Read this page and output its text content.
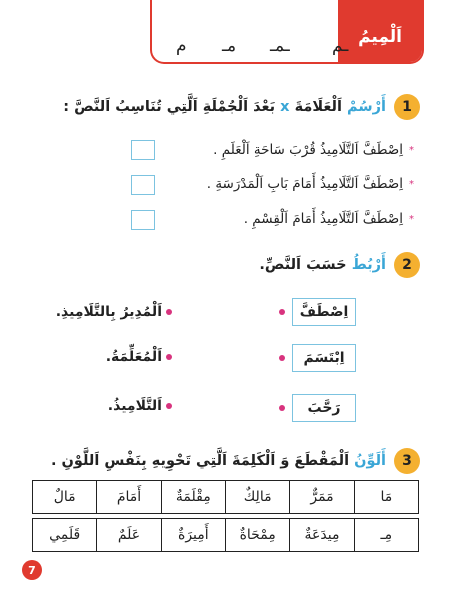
اَلْمِيمُ
ـم
ـمـ
مـ
م
1
أَرْسُمْ اَلْعَلَامَةَ x بَعْدَ اَلْجُمْلَةِ اَلَّتِي تُنَاسِبُ اَلنَّصَّ :
*
اِصْطَفَّ اَلتَّلَامِيذُ قُرْبَ سَاحَةِ اَلْعَلَمِ .
*
اِصْطَفَّ اَلتَّلَامِيذُ أَمَامَ بَابِ اَلْمَدْرَسَةِ .
*
اِصْطَفَّ اَلتَّلَامِيذُ أَمَامَ اَلْقِسْمِ .
2
أَرْبُطُ حَسَبَ اَلنَّصِّ.
اِصْطَفَّ
اَلْمُدِيرُ بِالتَّلَامِيذِ.
اِبْتَسَمَ
اَلْمُعَلِّمَةُ.
رَحَّبَ
اَلتَّلَامِيذُ.
3
أَلَوِّنُ اَلْمَقْطَعَ وَ اَلْكَلِمَةَ اَلَّتِي تَحْوِيهِ بِنَفْسِ اَللَّوْنِ .
مَا
مَمَرٌّ
مَالِكٌ
مِقْلَمَةٌ
أَمَامَ
مَالٌ
مِـ
مِيدَعَةٌ
مِمْحَاةٌ
أَمِيرَةٌ
عَلَمٌ
قَلَمِي
7
